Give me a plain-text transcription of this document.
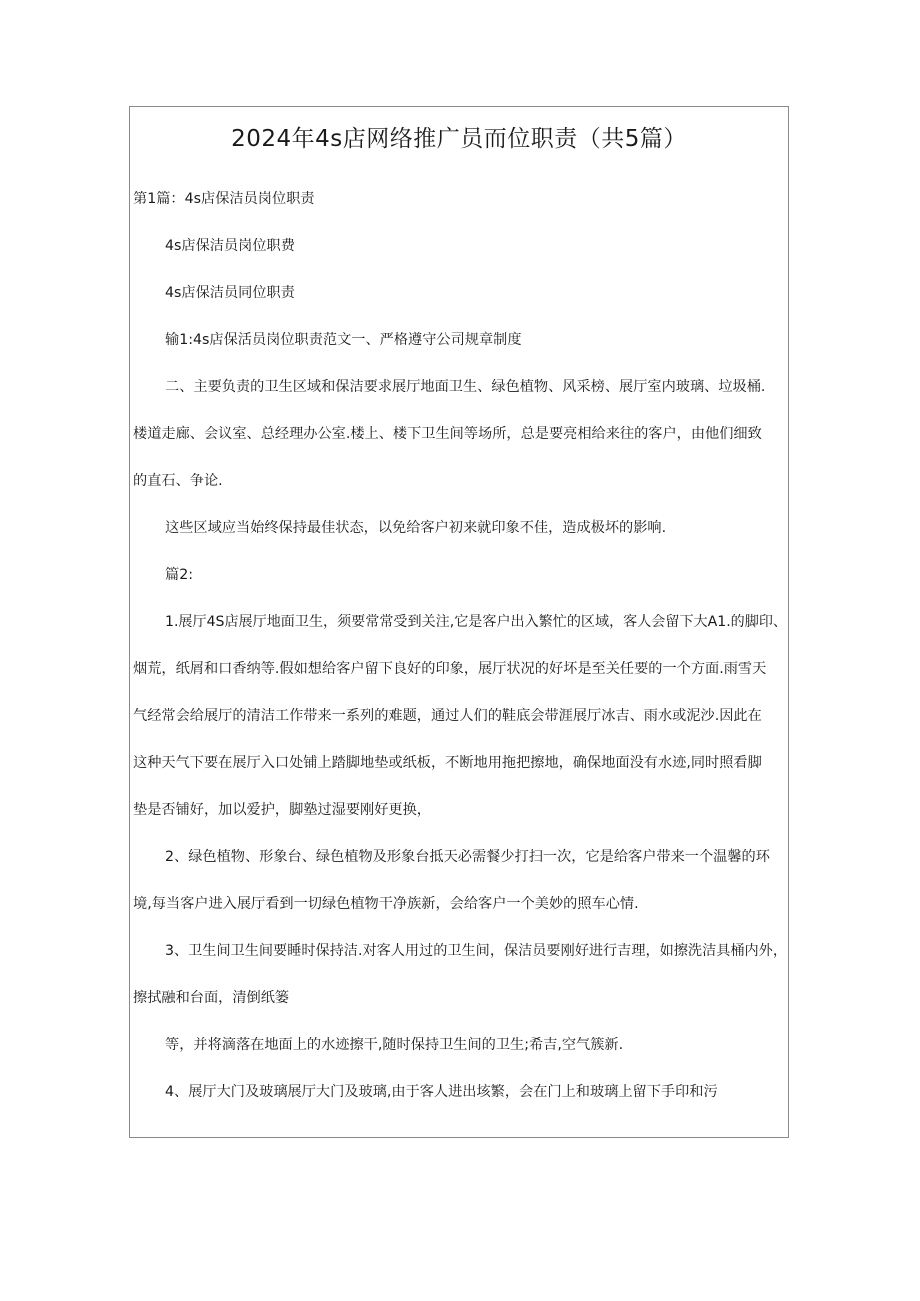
2024年4s店网络推广员而位职责（共5篇）
第1篇：4s店保洁员岗位职责
4s店保洁员岗位职费
4s店保洁员同位职责
输1:4s店保活员岗位职责范文一、严格遵守公司规章制度
二、主要负责的卫生区域和保洁要求展厅地面卫生、绿色植物、风采榜、展厅室内玻璃、垃圾桶.
楼道走廊、会议室、总经理办公室.楼上、楼下卫生间等场所，总是要亮相给来往的客户，由他们细致
的直石、争论.
这些区域应当始终保持最佳状态，以免给客户初来就印象不佳，造成极坏的影响.
篇2:
1.展厅4S店展厅地面卫生，须要常常受到关注,它是客户出入繁忙的区域，客人会留下大A1.的脚印、
烟荒，纸屑和口香纳等.假如想给客户留下良好的印象，展厅状况的好坏是至关任要的一个方面.雨雪天
气经常会给展厅的清洁工作带来一系列的难题，通过人们的鞋底会带涯展厅冰吉、雨水或泥沙.因此在
这种天气下要在展厅入口处铺上踏脚地垫或纸板，不断地用拖把擦地，确保地面没有水迹,同时照看脚
垫是否铺好，加以爱护，脚塾过湿要刚好更换，
2、绿色植物、形象台、绿色植物及形象台抵天必需餐少打扫一次，它是给客户带来一个温馨的环
境,每当客户进入展厅看到一切绿色植物干净族新，会给客户一个美妙的照车心情.
3、卫生间卫生间要睡时保持洁.对客人用过的卫生间，保洁员要刚好进行吉理，如擦洗洁具桶内外，
擦拭融和台面，清倒纸篓
等，并将滴落在地面上的水迹擦干,随时保持卫生间的卫生;希吉,空气簇新.
4、展厅大门及玻璃展厅大门及玻璃,由于客人进出垓繁，会在门上和玻璃上留下手印和污
